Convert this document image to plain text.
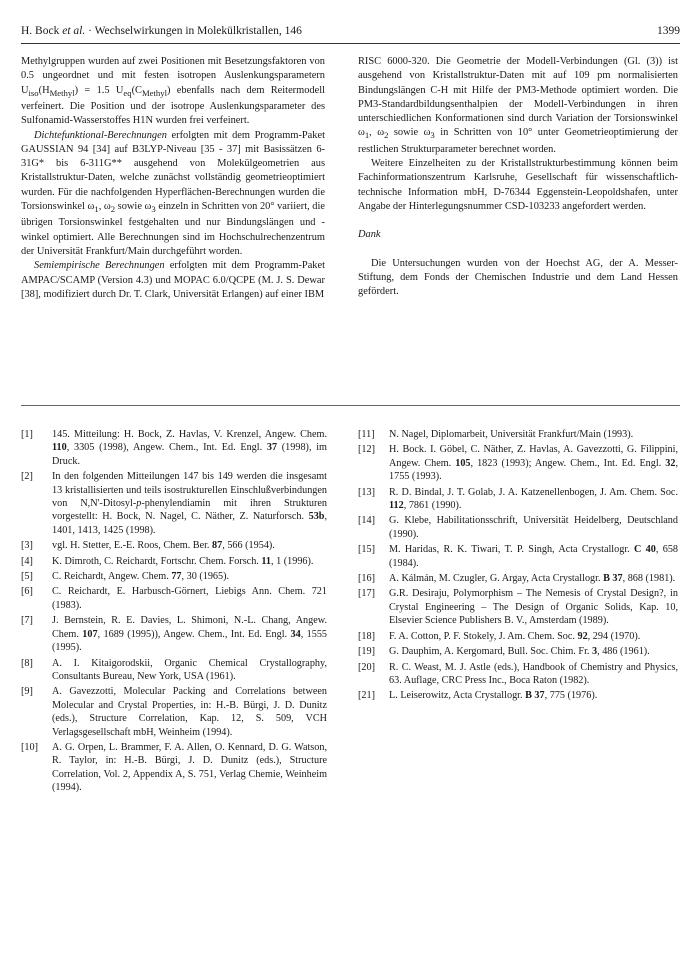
H. Bock et al. · Wechselwirkungen in Molekülkristallen, 146	1399

Methylgruppen wurden auf zwei Positionen mit Besetzungsfaktoren von 0.5 ungeordnet und mit festen isotropen Auslenkungsparametern $U_{iso}(H_{Methyl}) = 1.5$ $U_{eq}(C_{Methyl})$ ebenfalls nach dem Reitermodell verfeinert. Die Position und der isotrope Auslenkungsparameter des Sulfonamid-Wasserstoffes H1N wurden frei verfeinert.

Dichtefunktional-Berechnungen erfolgten mit dem Programm-Paket GAUSSIAN 94 [34] auf B3LYP-Niveau [35 - 37] mit Basissätzen 6-31G* bis 6-311G** ausgehend von Molekülgeometrien aus Kristallstruktur-Daten, welche zunächst vollständig geometrieoptimiert wurden. Für die nachfolgenden Hyperflächen-Berechnungen wurden die Torsionswinkel $\omega_1$, $\omega_2$ sowie $\omega_3$ einzeln in Schritten von 20° variiert, die übrigen Torsionswinkel festgehalten und nur Bindungslängen und -winkel optimiert. Alle Berechnungen sind im Hochschulrechenzentrum der Universität Frankfurt/Main durchgeführt worden.

Semiempirische Berechnungen erfolgten mit dem Programm-Paket AMPAC/SCAMP (Version 4.3) und MOPAC 6.0/QCPE (M. J. S. Dewar [38], modifiziert durch Dr. T. Clark, Universität Erlangen) auf einer IBM

RISC 6000-320. Die Geometrie der Modell-Verbindungen (Gl. (3)) ist ausgehend von Kristallstruktur-Daten mit auf 109 pm normalisierten Bindungslängen C-H mit Hilfe der PM3-Methode optimiert worden. Die PM3-Standardbildungsenthalpien der Modell-Verbindungen in ihren unterschiedlichen Konformationen sind durch Variation der Torsionswinkel $\omega_1$, $\omega_2$ sowie $\omega_3$ in Schritten von 10° unter Geometrieoptimierung der restlichen Strukturparameter berechnet worden.

Weitere Einzelheiten zu der Kristallstrukturbestimmung können beim Fachinformationszentrum Karlsruhe, Gesellschaft für wissenschaftlich-technische Information mbH, D-76344 Eggenstein-Leopoldshafen, unter Angabe der Hinterlegungsnummer CSD-103233 angefordert werden.

Dank

Die Untersuchungen wurden von der Hoechst AG, der A. Messer-Stiftung, dem Fonds der Chemischen Industrie und dem Land Hessen gefördert.

[1]	145. Mitteilung: H. Bock, Z. Havlas, V. Krenzel, Angew. Chem. 110, 3305 (1998), Angew. Chem., Int. Ed. Engl. 37 (1998), im Druck.

[2]	In den folgenden Mitteilungen 147 bis 149 werden die insgesamt 13 kristallisierten und teils isostrukturellen Einschlußverbindungen von N,N'-Ditosyl-p-phenylendiamin mit ihren Strukturen vorgestellt: H. Bock, N. Nagel, C. Näther, Z. Naturforsch. 53b, 1401, 1413, 1425 (1998).

[3]	vgl. H. Stetter, E.-E. Roos, Chem. Ber. 87, 566 (1954).

[4]	K. Dimroth, C. Reichardt, Fortschr. Chem. Forsch. 11, 1 (1996).

[5]	C. Reichardt, Angew. Chem. 77, 30 (1965).

[6]	C. Reichardt, E. Harbusch-Görnert, Liebigs Ann. Chem. 721 (1983).

[7]	J. Bernstein, R. E. Davies, L. Shimoni, N.-L. Chang, Angew. Chem. 107, 1689 (1995)), Angew. Chem., Int. Ed. Engl. 34, 1555 (1995).

[8]	A. I. Kitaigorodskii, Organic Chemical Crystallography, Consultants Bureau, New York, USA (1961).

[9]	A. Gavezzotti, Molecular Packing and Correlations between Molecular and Crystal Properties, in: H.-B. Bürgi, J. D. Dunitz (eds.), Structure Correlation, Kap. 12, S. 509, VCH Verlagsgesellschaft mbH, Weinheim (1994).

[10]	A. G. Orpen, L. Brammer, F. A. Allen, O. Kennard, D. G. Watson, R. Taylor, in: H.-B. Bürgi, J. D. Dunitz (eds.), Structure Correlation, Vol. 2, Appendix A, S. 751, Verlag Chemie, Weinheim (1994).

[11]	N. Nagel, Diplomarbeit, Universität Frankfurt/Main (1993).

[12]	H. Bock. I. Göbel, C. Näther, Z. Havlas, A. Gavezzotti, G. Filippini, Angew. Chem. 105, 1823 (1993); Angew. Chem., Int. Ed. Engl. 32, 1755 (1993).

[13]	R. D. Bindal, J. T. Golab, J. A. Katzenellenbogen, J. Am. Chem. Soc. 112, 7861 (1990).

[14]	G. Klebe, Habilitationsschrift, Universität Heidelberg, Deutschland (1990).

[15]	M. Haridas, R. K. Tiwari, T. P. Singh, Acta Crystallogr. C 40, 658 (1984).

[16]	A. Kálmán, M. Czugler, G. Argay, Acta Crystallogr. B 37, 868 (1981).

[17]	G.R. Desiraju, Polymorphism – The Nemesis of Crystal Design?, in Crystal Engineering – The Design of Organic Solids, Kap. 10, Elsevier Science Publishers B. V., Amsterdam (1989).

[18]	F. A. Cotton, P. F. Stokely, J. Am. Chem. Soc. 92, 294 (1970).

[19]	G. Dauphim, A. Kergomard, Bull. Soc. Chim. Fr. 3, 486 (1961).

[20]	R. C. Weast, M. J. Astle (eds.), Handbook of Chemistry and Physics, 63. Auflage, CRC Press Inc., Boca Raton (1982).

[21]	L. Leiserowitz, Acta Crystallogr. B 37, 775 (1976).
